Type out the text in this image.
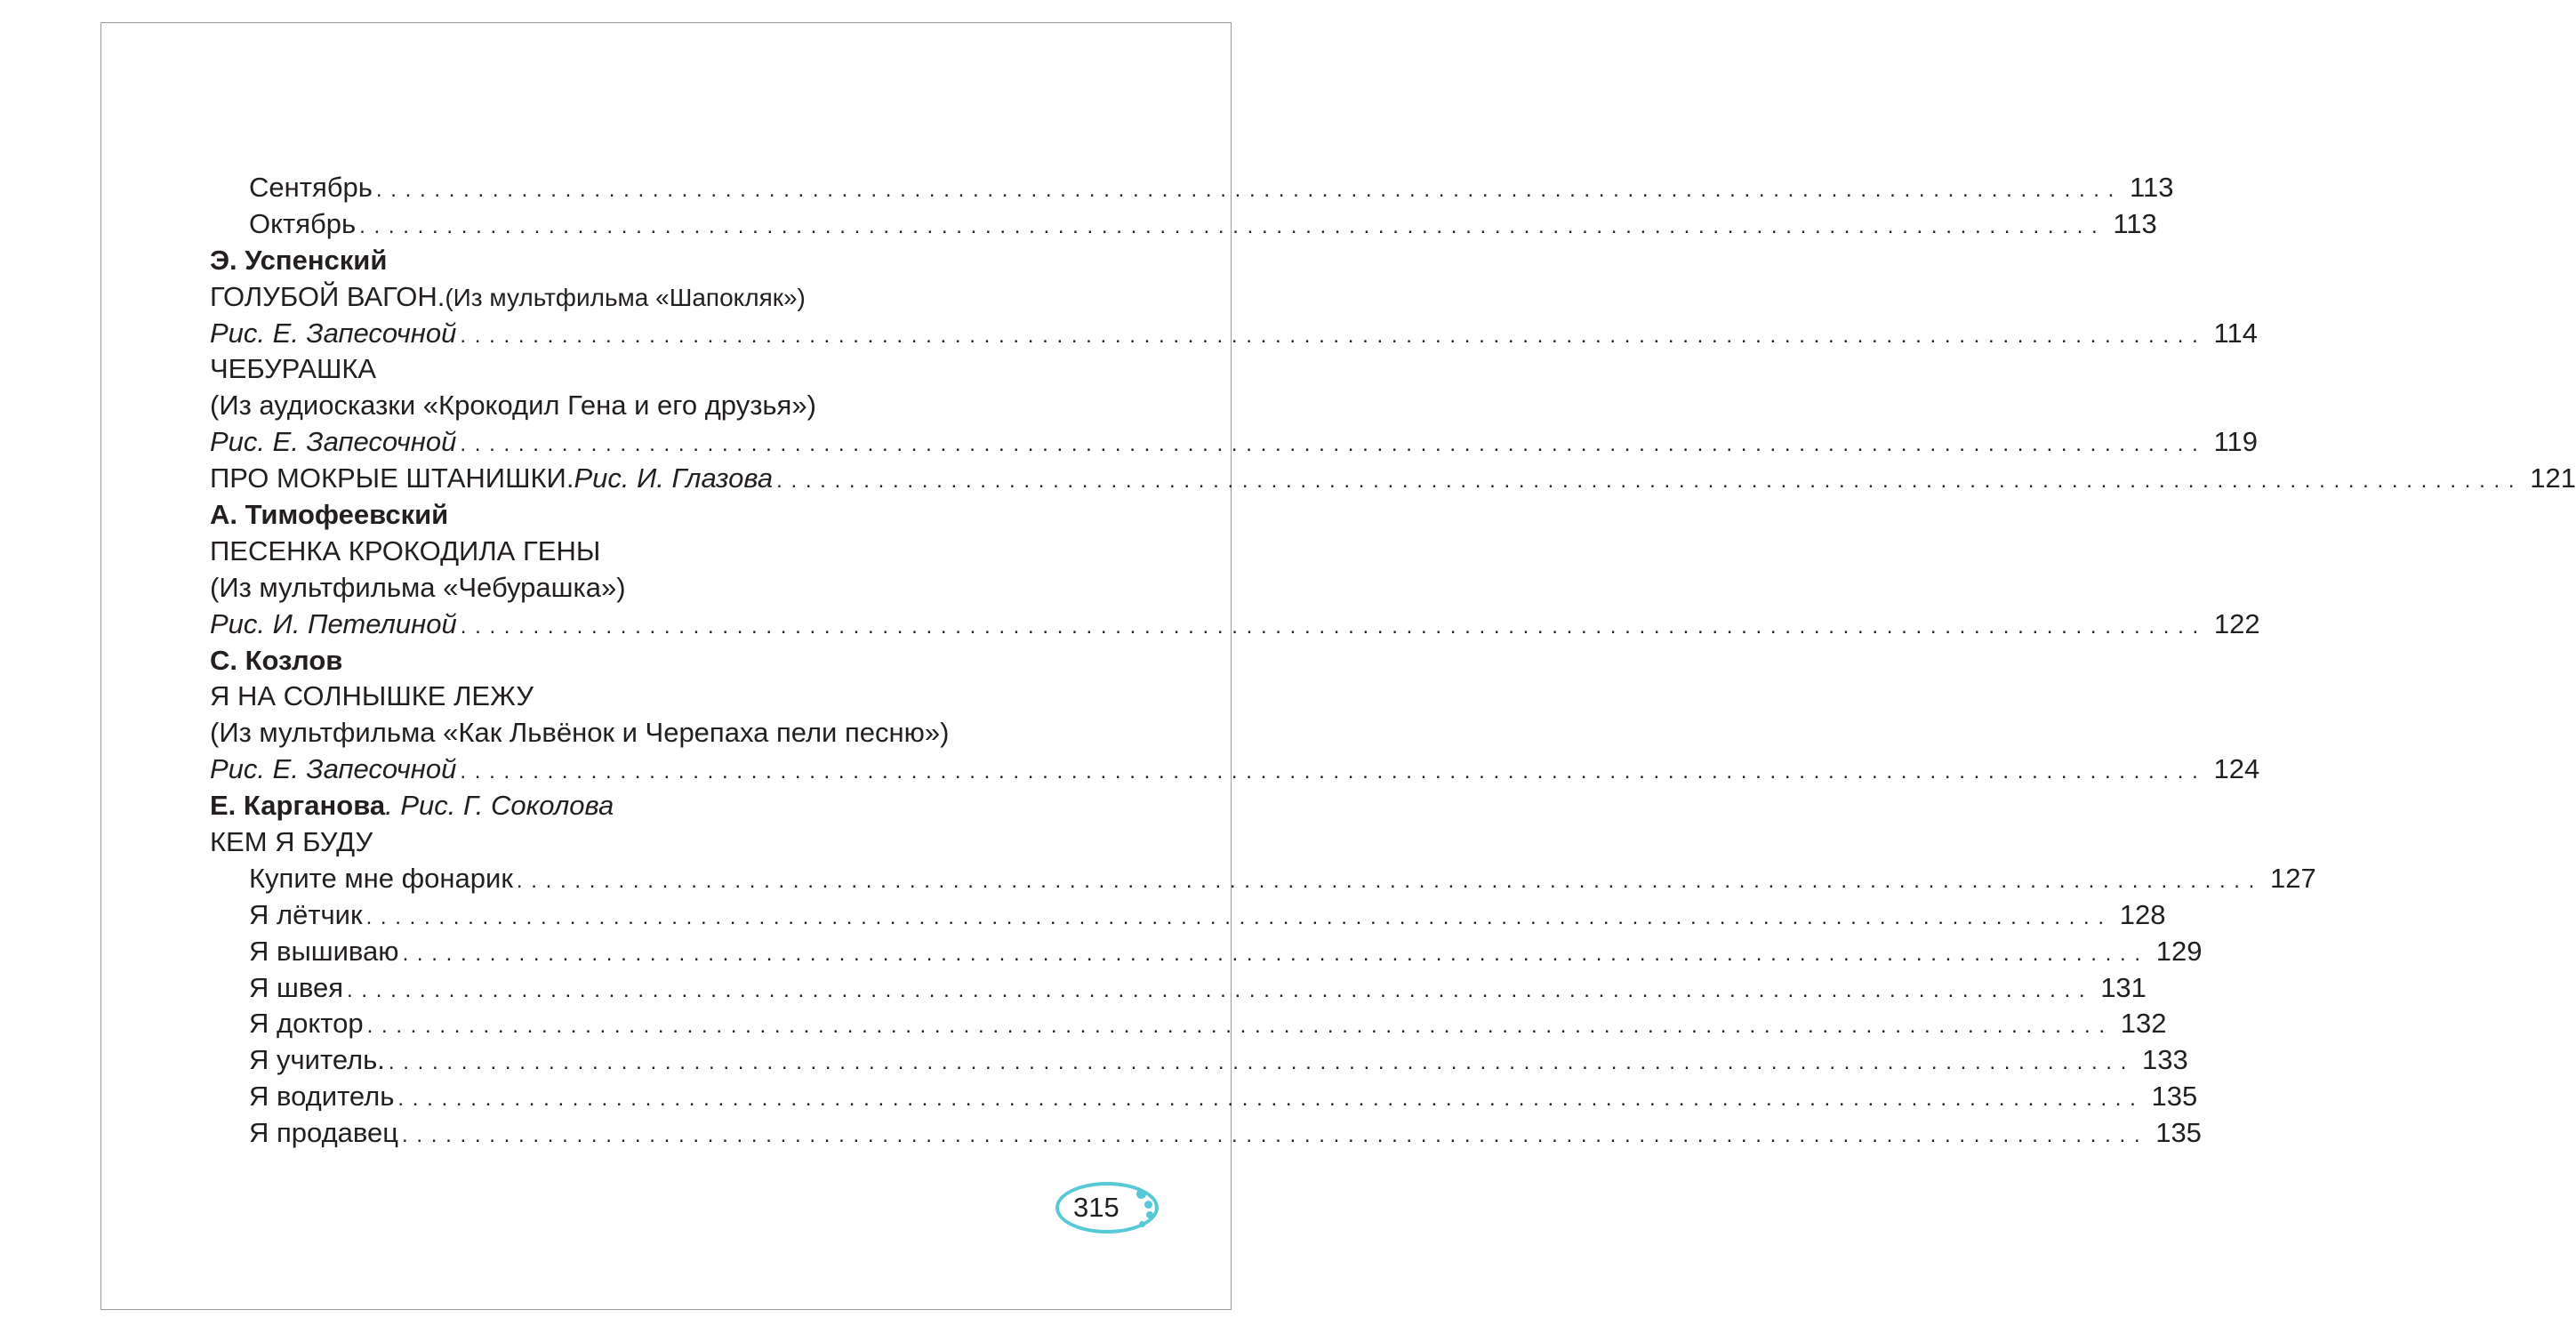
Сентябрь ........................................................................................................................ 113
Октябрь ........................................................................................................................ 113
Э. Успенский
ГОЛУБОЙ ВАГОН. (Из мультфильма «Шапокляк»)
Рис. Е. Запесочной ........................................................................................................................ 114
ЧЕБУРАШКА
(Из аудиосказки «Крокодил Гена и его друзья»)
Рис. Е. Запесочной ........................................................................................................................ 119
ПРО МОКРЫЕ ШТАНИШКИ. Рис. И. Глазова ........................................................................................................................ 121
А. Тимофеевский
ПЕСЕНКА КРОКОДИЛА ГЕНЫ
(Из мультфильма «Чебурашка»)
Рис. И. Петелиной ........................................................................................................................ 122
С. Козлов
Я НА СОЛНЫШКЕ ЛЕЖУ
(Из мультфильма «Как Львёнок и Черепаха пели песню»)
Рис. Е. Запесочной ........................................................................................................................ 124
Е. Карганова . Рис. Г. Соколова
КЕМ Я БУДУ
Купите мне фонарик ........................................................................................................................ 127
Я лётчик ........................................................................................................................ 128
Я вышиваю ........................................................................................................................ 129
Я швея ........................................................................................................................ 131
Я доктор ........................................................................................................................ 132
Я учитель. ........................................................................................................................ 133
Я водитель ........................................................................................................................ 135
Я продавец ........................................................................................................................ 135
315
